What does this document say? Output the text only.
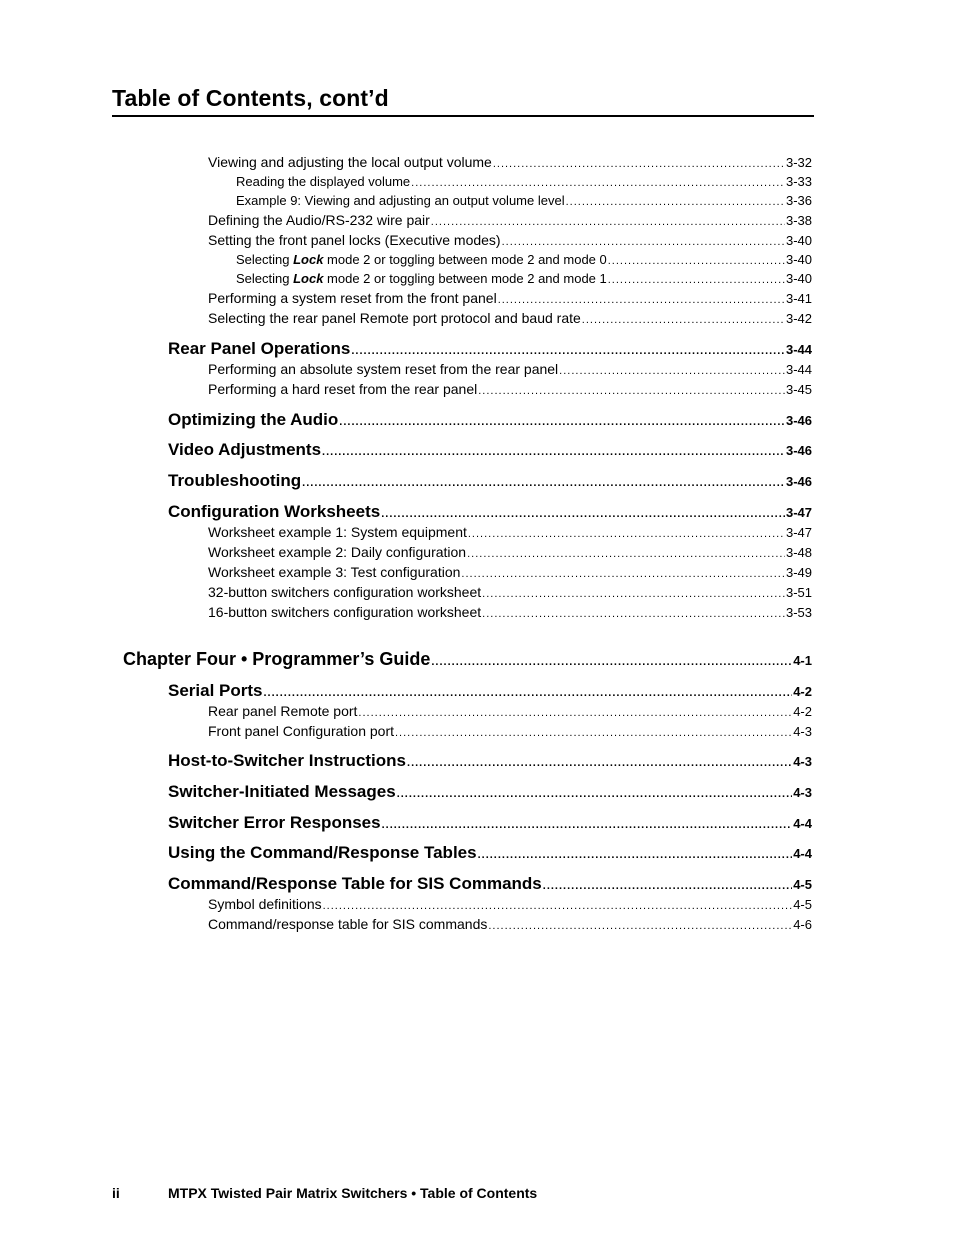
Table of Contents, cont’d
Viewing and adjusting the local output volume .....	3-32
Reading the displayed volume .....	3-33
Example 9: Viewing and adjusting an output volume level .....	3-36
Defining the Audio/RS-232 wire pair .....	3-38
Setting the front panel locks (Executive modes) .....	3-40
Selecting Lock mode 2 or toggling between mode 2 and mode 0 .....	3-40
Selecting Lock mode 2 or toggling between mode 2 and mode 1 .....	3-40
Performing a system reset from the front panel .....	3-41
Selecting the rear panel Remote port protocol and baud rate .....	3-42
Rear Panel Operations .....	3-44
Performing an absolute system reset from the rear panel .....	3-44
Performing a hard reset from the rear panel .....	3-45
Optimizing the Audio .....	3-46
Video Adjustments .....	3-46
Troubleshooting .....	3-46
Configuration Worksheets .....	3-47
Worksheet example 1: System equipment .....	3-47
Worksheet example 2: Daily configuration .....	3-48
Worksheet example 3: Test configuration .....	3-49
32-button switchers configuration worksheet .....	3-51
16-button switchers configuration worksheet .....	3-53
Chapter Four • Programmer’s Guide .....	4-1
Serial Ports .....	4-2
Rear panel Remote port .....	4-2
Front panel Configuration port .....	4-3
Host-to-Switcher Instructions .....	4-3
Switcher-Initiated Messages .....	4-3
Switcher Error Responses .....	4-4
Using the Command/Response Tables .....	4-4
Command/Response Table for SIS Commands .....	4-5
Symbol definitions .....	4-5
Command/response table for SIS commands .....	4-6
ii	MTPX Twisted Pair Matrix Switchers • Table of Contents
